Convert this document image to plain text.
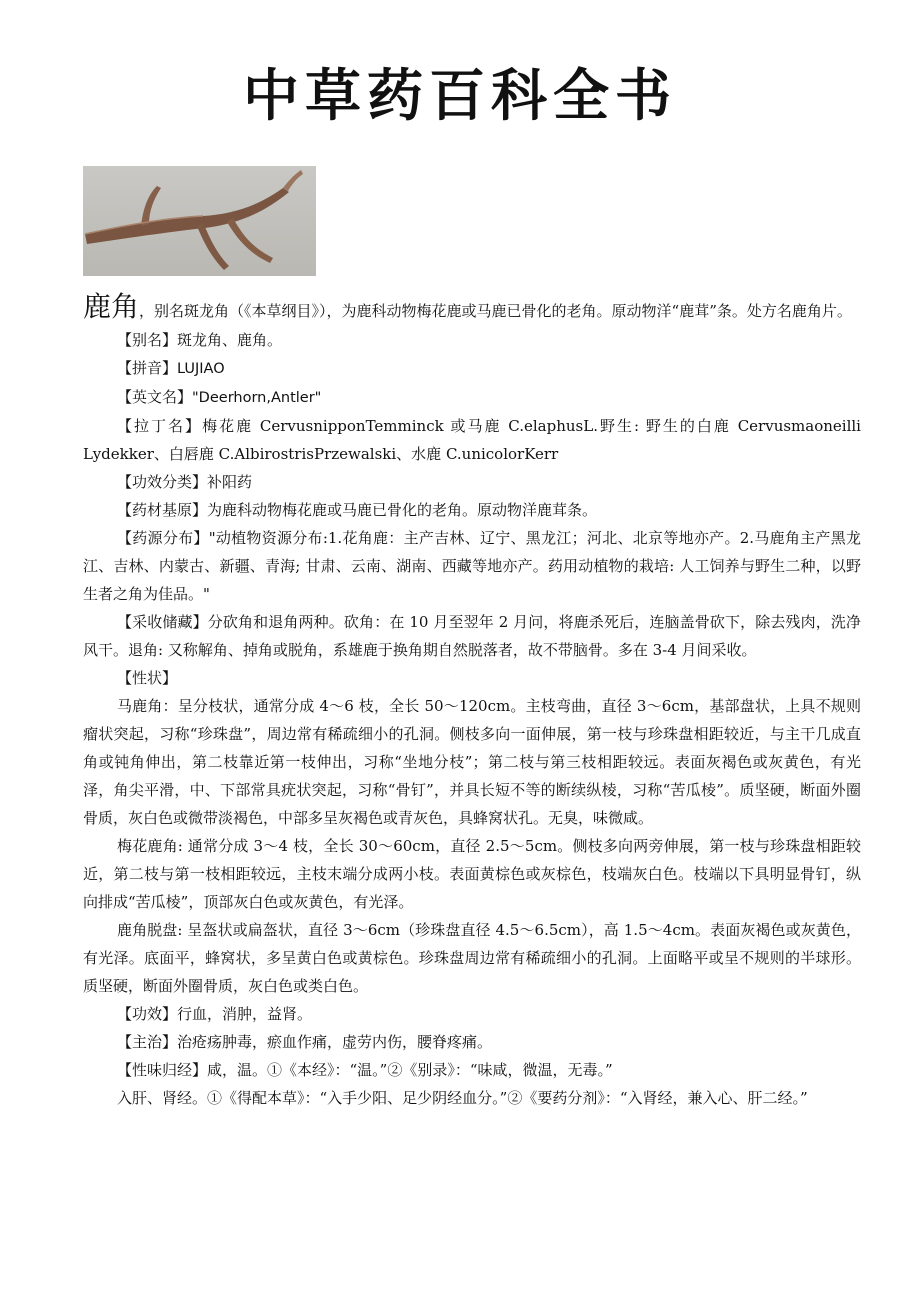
中草药百科全书

鹿角，别名斑龙角（《本草纲目》），为鹿科动物梅花鹿或马鹿已骨化的老角。原动物洋“鹿茸”条。处方名鹿角片。

【别名】斑龙角、鹿角。

【拼音】LUJIAO

【英文名】"Deerhorn,Antler"

【拉丁名】梅花鹿 CervusnipponTemminck 或马鹿 C.elaphusL.野生: 野生的白鹿 Cervusmaoneilli Lydekker、白唇鹿 C.AlbirostrisPrzewalski、水鹿 C.unicolorKerr

【功效分类】补阳药

【药材基原】为鹿科动物梅花鹿或马鹿已骨化的老角。原动物洋鹿茸条。

【药源分布】"动植物资源分布:1.花角鹿：主产吉林、辽宁、黑龙江；河北、北京等地亦产。2.马鹿角主产黑龙江、吉林、内蒙古、新疆、青海; 甘肃、云南、湖南、西藏等地亦产。药用动植物的栽培: 人工饲养与野生二种，以野生者之角为佳品。"

【采收储藏】分砍角和退角两种。砍角：在 10 月至翌年 2 月问，将鹿杀死后，连脑盖骨砍下，除去残肉，洗净风干。退角: 又称解角、掉角或脱角，系雄鹿于换角期自然脱落者，故不带脑骨。多在 3-4 月间采收。

【性状】

马鹿角：呈分枝状，通常分成 4～6 枝，全长 50～120cm。主枝弯曲，直径 3～6cm，基部盘状，上具不规则瘤状突起，习称“珍珠盘”，周边常有稀疏细小的孔洞。侧枝多向一面伸展，第一枝与珍珠盘相距较近，与主干几成直角或钝角伸出，第二枝靠近第一枝伸出，习称“坐地分枝”；第二枝与第三枝相距较远。表面灰褐色或灰黄色，有光泽，角尖平滑，中、下部常具疣状突起，习称“骨钉”，并具长短不等的断续纵棱，习称“苦瓜棱”。质坚硬，断面外圈骨质，灰白色或微带淡褐色，中部多呈灰褐色或青灰色，具蜂窝状孔。无臭，味微咸。

梅花鹿角: 通常分成 3～4 枝，全长 30～60cm，直径 2.5～5cm。侧枝多向两旁伸展，第一枝与珍珠盘相距较近，第二枝与第一枝相距较远，主枝末端分成两小枝。表面黄棕色或灰棕色，枝端灰白色。枝端以下具明显骨钉，纵向排成“苦瓜棱”，顶部灰白色或灰黄色，有光泽。

鹿角脱盘: 呈盔状或扁盔状，直径 3～6cm（珍珠盘直径 4.5～6.5cm），高 1.5～4cm。表面灰褐色或灰黄色，有光泽。底面平，蜂窝状，多呈黄白色或黄棕色。珍珠盘周边常有稀疏细小的孔洞。上面略平或呈不规则的半球形。质坚硬，断面外圈骨质，灰白色或类白色。

【功效】行血，消肿，益肾。

【主治】治疮疡肿毒，瘀血作痛，虚劳内伤，腰脊疼痛。

【性味归经】咸，温。①《本经》：“温。”②《别录》：“味咸，微温，无毒。”

入肝、肾经。①《得配本草》：“入手少阳、足少阴经血分。”②《要药分剂》：“入肾经，兼入心、肝二经。”
